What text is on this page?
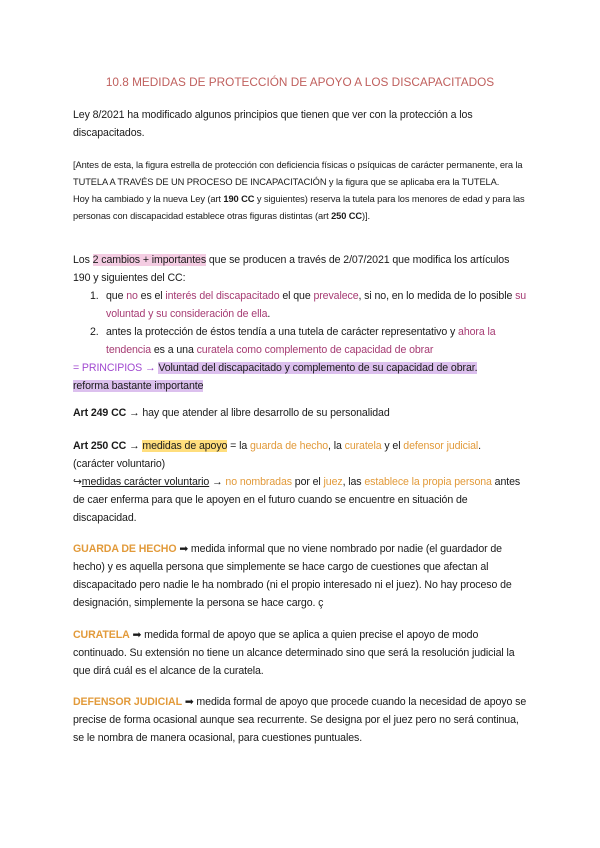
10.8 MEDIDAS DE PROTECCIÓN DE APOYO A LOS DISCAPACITADOS
Ley 8/2021 ha modificado algunos principios que tienen que ver con la protección a los discapacitados.
[Antes de esta, la figura estrella de protección con deficiencia físicas o psíquicas de carácter permanente, era la TUTELA A TRAVÉS DE UN PROCESO DE INCAPACITACIÓN y la figura que se aplicaba era la TUTELA.
Hoy ha cambiado y la nueva Ley (art 190 CC y siguientes) reserva la tutela para los menores de edad y para las personas con discapacidad establece otras figuras distintas (art 250 CC)].
Los 2 cambios + importantes que se producen a través de 2/07/2021 que modifica los artículos 190 y siguientes del CC:
1. que no es el interés del discapacitado el que prevalece, si no, en lo medida de lo posible su voluntad y su consideración de ella.
2. antes la protección de éstos tendía a una tutela de carácter representativo y ahora la tendencia es a una curatela como complemento de capacidad de obrar
= PRINCIPIOS → Voluntad del discapacitado y complemento de su capacidad de obrar.
reforma bastante importante
Art 249 CC → hay que atender al libre desarrollo de su personalidad
Art 250 CC → medidas de apoyo = la guarda de hecho, la curatela y el defensor judicial.
(carácter voluntario)
↪medidas carácter voluntario → no nombradas por el juez, las establece la propia persona antes de caer enferma para que le apoyen en el futuro cuando se encuentre en situación de discapacidad.
GUARDA DE HECHO ➡ medida informal que no viene nombrado por nadie (el guardador de hecho) y es aquella persona que simplemente se hace cargo de cuestiones que afectan al discapacitado pero nadie le ha nombrado (ni el propio interesado ni el juez). No hay proceso de designación, simplemente la persona se hace cargo. ç
CURATELA ➡ medida formal de apoyo que se aplica a quien precise el apoyo de modo continuado. Su extensión no tiene un alcance determinado sino que será la resolución judicial la que dirá cuál es el alcance de la curatela.
DEFENSOR JUDICIAL ➡ medida formal de apoyo que procede cuando la necesidad de apoyo se precise de forma ocasional aunque sea recurrente. Se designa por el juez pero no será continua, se le nombra de manera ocasional, para cuestiones puntuales.
